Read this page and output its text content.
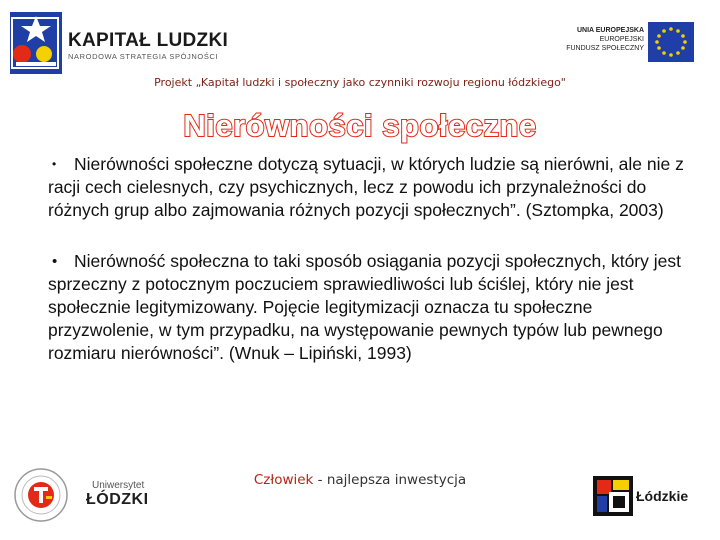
KAPITAŁ LUDZKI
NARODOWA STRATEGIA SPÓJNOŚCI
UNIA EUROPEJSKA
EUROPEJSKI
FUNDUSZ SPOŁECZNY
Projekt „Kapitał ludzki i społeczny jako czynniki rozwoju regionu łódzkiego"
Nierówności społeczne
• Nierówności społeczne dotyczą sytuacji, w których ludzie są nierówni, ale nie z racji cech cielesnych, czy psychicznych, lecz z powodu ich przynależności do różnych grup albo zajmowania różnych pozycji społecznych”. (Sztompka, 2003)
• Nierówność społeczna to taki sposób osiągania pozycji społecznych, który jest sprzeczny z potocznym poczuciem sprawiedliwości lub ściślej, który nie jest społecznie legitymizowany. Pojęcie legitymizacji oznacza tu społeczne przyzwolenie, w tym przypadku, na występowanie pewnych typów lub pewnego rozmiaru nierówności”. (Wnuk – Lipiński, 1993)
Uniwersytet
ŁÓDZKI
Człowiek - najlepsza inwestycja
Łódzkie
